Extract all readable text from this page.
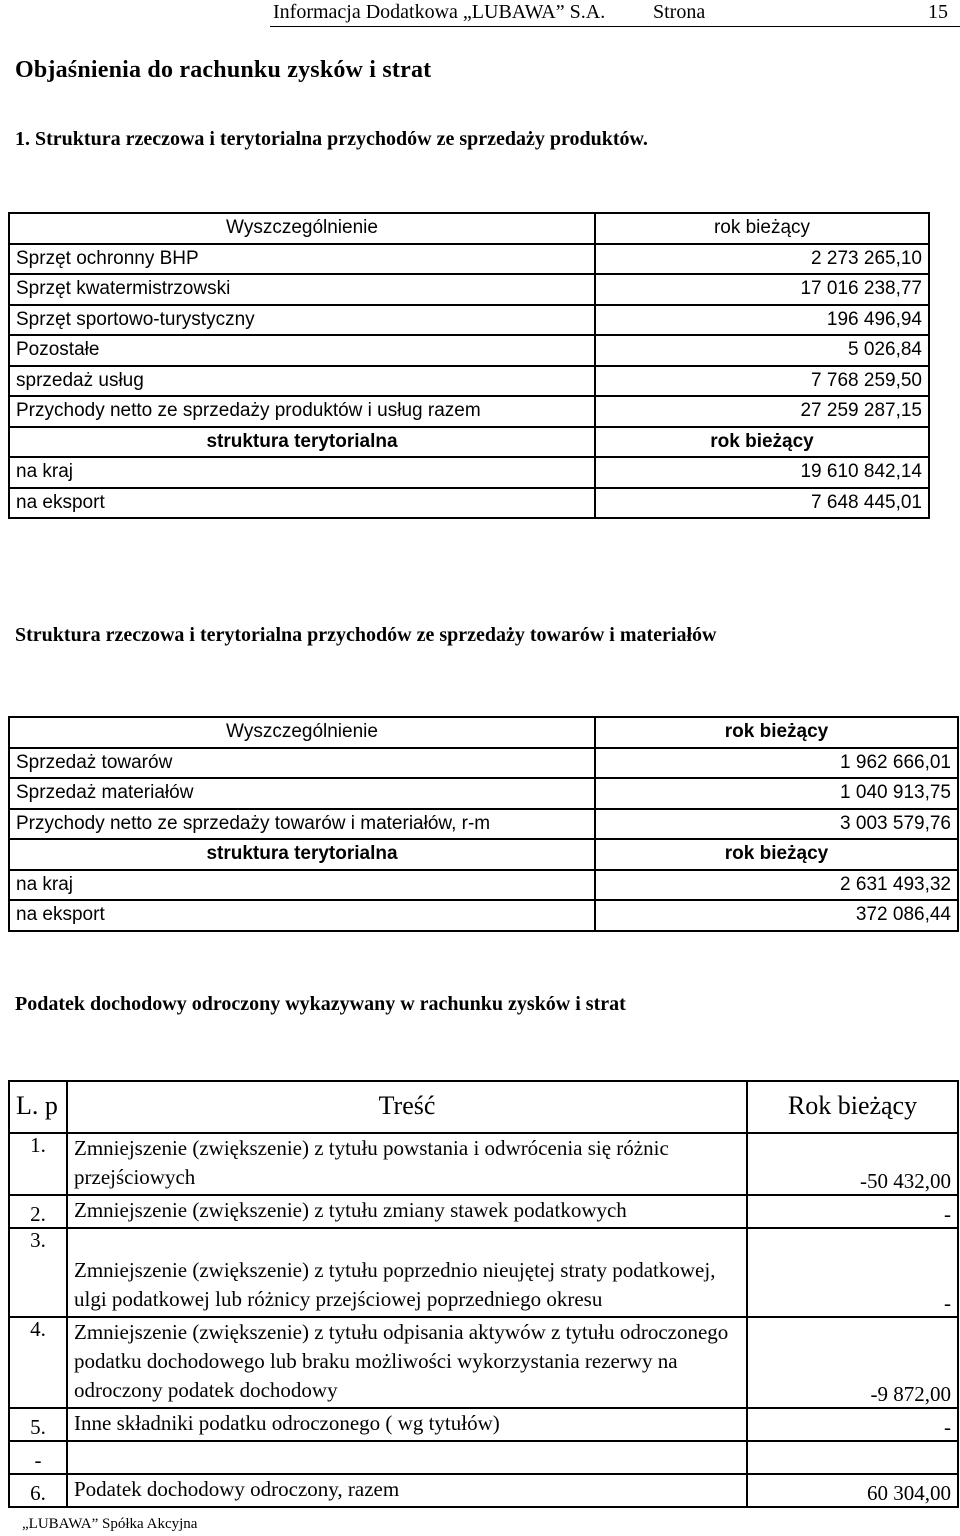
Informacja Dodatkowa „LUBAWA” S.A. Strona	15
Objaśnienia do rachunku zysków i strat
1. Struktura rzeczowa i terytorialna przychodów ze sprzedaży produktów.
Wyszczególnienie	rok bieżący
Sprzęt ochronny BHP	2 273 265,10
Sprzęt kwatermistrzowski	17 016 238,77
Sprzęt sportowo-turystyczny	196 496,94
Pozostałe	5 026,84
sprzedaż usług	7 768 259,50
Przychody netto ze sprzedaży produktów i usług razem	27 259 287,15
struktura terytorialna	rok bieżący
na kraj	19 610 842,14
na eksport	7 648 445,01
Struktura rzeczowa i terytorialna przychodów ze sprzedaży towarów i materiałów
Wyszczególnienie	rok bieżący
Sprzedaż towarów	1 962 666,01
Sprzedaż materiałów	1 040 913,75
Przychody netto ze sprzedaży towarów i materiałów, r-m	3 003 579,76
struktura terytorialna	rok bieżący
na kraj	2 631 493,32
na eksport	372 086,44
Podatek dochodowy odroczony wykazywany w rachunku zysków i strat
L. p	Treść	Rok bieżący
1.	Zmniejszenie (zwiększenie) z tytułu powstania i odwrócenia się różnic przejściowych	-50 432,00
2.	Zmniejszenie (zwiększenie) z tytułu zmiany stawek podatkowych	-
3.	Zmniejszenie (zwiększenie) z tytułu poprzednio nieujętej straty podatkowej, ulgi podatkowej lub różnicy przejściowej poprzedniego okresu	-
4.	Zmniejszenie (zwiększenie) z tytułu odpisania aktywów z tytułu odroczonego podatku dochodowego lub braku możliwości wykorzystania rezerwy na odroczony podatek dochodowy	-9 872,00
5.	Inne składniki podatku odroczonego ( wg tytułów)	-
-		
6.	Podatek dochodowy odroczony, razem	60 304,00
„LUBAWA” Spółka Akcyjna
